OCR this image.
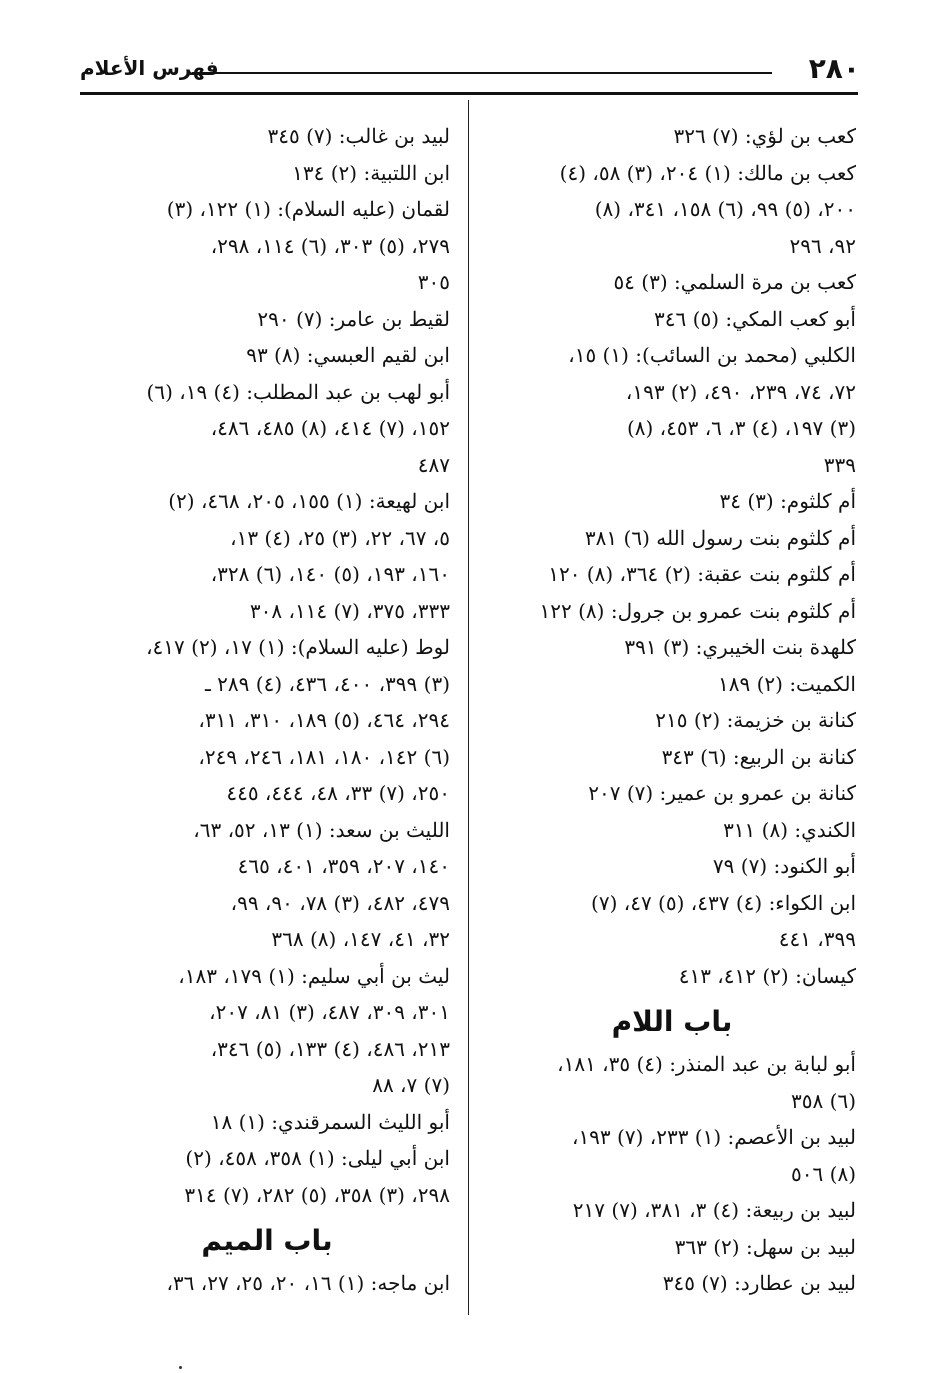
٢٨٠
فهرس الأعلام
كعب بن لؤي: (٧) ٣٢٦
كعب بن مالك: (١) ٢٠٤، (٣) ٥٨، (٤)
٢٠٠، (٥) ٩٩، (٦) ١٥٨، ٣٤١، (٨)
٩٢، ٢٩٦
كعب بن مرة السلمي: (٣) ٥٤
أبو كعب المكي: (٥) ٣٤٦
الكلبي (محمد بن السائب): (١) ١٥،
٧٢، ٧٤، ٢٣٩، ٤٩٠، (٢) ١٩٣،
(٣) ١٩٧، (٤) ٣، ٦، ٤٥٣، (٨)
٣٣٩
أم كلثوم: (٣) ٣٤
أم كلثوم بنت رسول الله (٦) ٣٨١
أم كلثوم بنت عقبة: (٢) ٣٦٤، (٨) ١٢٠
أم كلثوم بنت عمرو بن جرول: (٨) ١٢٢
كلهدة بنت الخيبري: (٣) ٣٩١
الكميت: (٢) ١٨٩
كنانة بن خزيمة: (٢) ٢١٥
كنانة بن الربيع: (٦) ٣٤٣
كنانة بن عمرو بن عمير: (٧) ٢٠٧
الكندي: (٨) ٣١١
أبو الكنود: (٧) ٧٩
ابن الكواء: (٤) ٤٣٧، (٥) ٤٧، (٧)
٣٩٩، ٤٤١
كيسان: (٢) ٤١٢، ٤١٣
باب اللام
أبو لبابة بن عبد المنذر: (٤) ٣٥، ١٨١،
(٦) ٣٥٨
لبيد بن الأعصم: (١) ٢٣٣، (٧) ١٩٣،
(٨) ٥٠٦
لبيد بن ربيعة: (٤) ٣، ٣٨١، (٧) ٢١٧
لبيد بن سهل: (٢) ٣٦٣
لبيد بن عطارد: (٧) ٣٤٥
لبيد بن غالب: (٧) ٣٤٥
ابن اللتبية: (٢) ١٣٤
لقمان (عليه السلام): (١) ١٢٢، (٣)
٢٧٩، (٥) ٣٠٣، (٦) ١١٤، ٢٩٨،
٣٠٥
لقيط بن عامر: (٧) ٢٩٠
ابن لقيم العبسي: (٨) ٩٣
أبو لهب بن عبد المطلب: (٤) ١٩، (٦)
١٥٢، (٧) ٤١٤، (٨) ٤٨٥، ٤٨٦،
٤٨٧
ابن لهيعة: (١) ١٥٥، ٢٠٥، ٤٦٨، (٢)
٥، ٦٧، ٢٢، (٣) ٢٥، (٤) ١٣،
١٦٠، ١٩٣، (٥) ١٤٠، (٦) ٣٢٨،
٣٣٣، ٣٧٥، (٧) ١١٤، ٣٠٨
لوط (عليه السلام): (١) ١٧، (٢) ٤١٧،
(٣) ٣٩٩، ٤٠٠، ٤٣٦، (٤) ٢٨٩ ـ
٢٩٤، ٤٦٤، (٥) ١٨٩، ٣١٠، ٣١١،
(٦) ١٤٢، ١٨٠، ١٨١، ٢٤٦، ٢٤٩،
٢٥٠، (٧) ٣٣، ٤٨، ٤٤٤، ٤٤٥
الليث بن سعد: (١) ١٣، ٥٢، ٦٣،
١٤٠، ٢٠٧، ٣٥٩، ٤٠١، ٤٦٥
٤٧٩، ٤٨٢، (٣) ٧٨، ٩٠، ٩٩،
٣٢، ٤١، ١٤٧، (٨) ٣٦٨
ليث بن أبي سليم: (١) ١٧٩، ١٨٣،
٣٠١، ٣٠٩، ٤٨٧، (٣) ٨١، ٢٠٧،
٢١٣، ٤٨٦، (٤) ١٣٣، (٥) ٣٤٦،
(٧) ٧، ٨٨
أبو الليث السمرقندي: (١) ١٨
ابن أبي ليلى: (١) ٣٥٨، ٤٥٨، (٢)
٢٩٨، (٣) ٣٥٨، (٥) ٢٨٢، (٧) ٣١٤
باب الميم
ابن ماجه: (١) ١٦، ٢٠، ٢٥، ٢٧، ٣٦،
